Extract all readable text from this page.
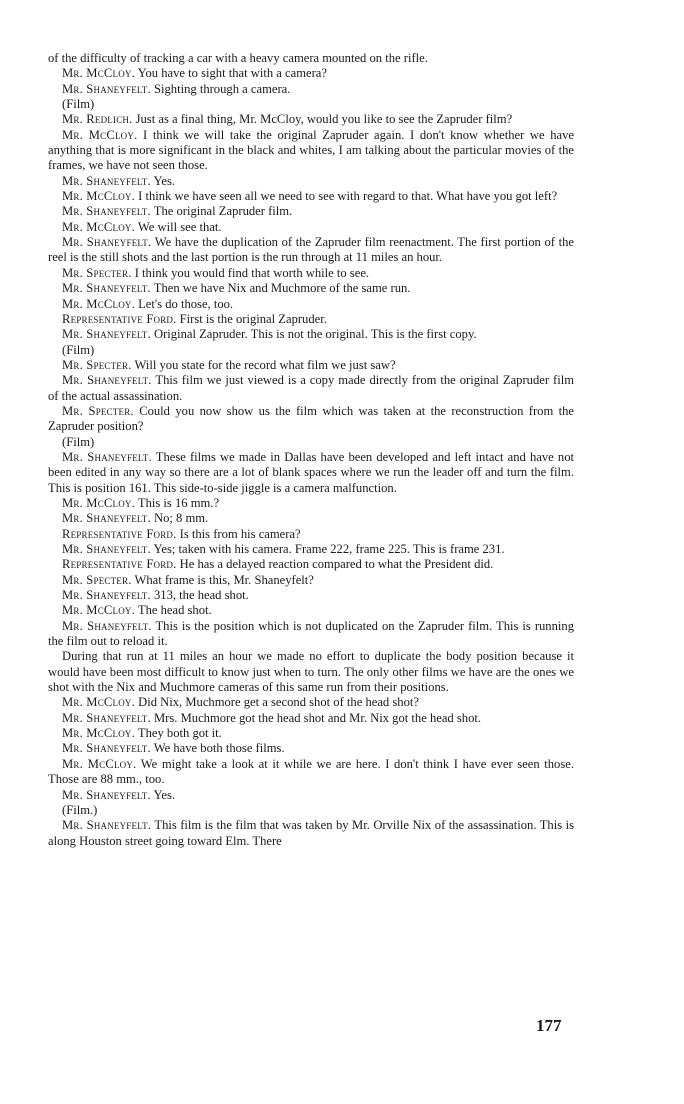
of the difficulty of tracking a car with a heavy camera mounted on the rifle.

Mr. McCloy. You have to sight that with a camera?

Mr. Shaneyfelt. Sighting through a camera.

(Film)

Mr. Redlich. Just as a final thing, Mr. McCloy, would you like to see the Zapruder film?

Mr. McCloy. I think we will take the original Zapruder again. I don't know whether we have anything that is more significant in the black and whites, I am talking about the particular movies of the frames, we have not seen those.

Mr. Shaneyfelt. Yes.

Mr. McCloy. I think we have seen all we need to see with regard to that. What have you got left?

Mr. Shaneyfelt. The original Zapruder film.

Mr. McCloy. We will see that.

Mr. Shaneyfelt. We have the duplication of the Zapruder film reenactment. The first portion of the reel is the still shots and the last portion is the run through at 11 miles an hour.

Mr. Specter. I think you would find that worth while to see.

Mr. Shaneyfelt. Then we have Nix and Muchmore of the same run.

Mr. McCloy. Let's do those, too.

Representative Ford. First is the original Zapruder.

Mr. Shaneyfelt. Original Zapruder. This is not the original. This is the first copy.

(Film)

Mr. Specter. Will you state for the record what film we just saw?

Mr. Shaneyfelt. This film we just viewed is a copy made directly from the original Zapruder film of the actual assassination.

Mr. Specter. Could you now show us the film which was taken at the reconstruction from the Zapruder position?

(Film)

Mr. Shaneyfelt. These films we made in Dallas have been developed and left intact and have not been edited in any way so there are a lot of blank spaces where we run the leader off and turn the film. This is position 161. This side-to-side jiggle is a camera malfunction.

Mr. McCloy. This is 16 mm.?

Mr. Shaneyfelt. No; 8 mm.

Representative Ford. Is this from his camera?

Mr. Shaneyfelt. Yes; taken with his camera. Frame 222, frame 225. This is frame 231.

Representative Ford. He has a delayed reaction compared to what the President did.

Mr. Specter. What frame is this, Mr. Shaneyfelt?

Mr. Shaneyfelt. 313, the head shot.

Mr. McCloy. The head shot.

Mr. Shaneyfelt. This is the position which is not duplicated on the Zapruder film. This is running the film out to reload it.

During that run at 11 miles an hour we made no effort to duplicate the body position because it would have been most difficult to know just when to turn. The only other films we have are the ones we shot with the Nix and Muchmore cameras of this same run from their positions.

Mr. McCloy. Did Nix, Muchmore get a second shot of the head shot?

Mr. Shaneyfelt. Mrs. Muchmore got the head shot and Mr. Nix got the head shot.

Mr. McCloy. They both got it.

Mr. Shaneyfelt. We have both those films.

Mr. McCloy. We might take a look at it while we are here. I don't think I have ever seen those. Those are 88 mm., too.

Mr. Shaneyfelt. Yes.

(Film.)

Mr. Shaneyfelt. This film is the film that was taken by Mr. Orville Nix of the assassination. This is along Houston street going toward Elm. There

177
